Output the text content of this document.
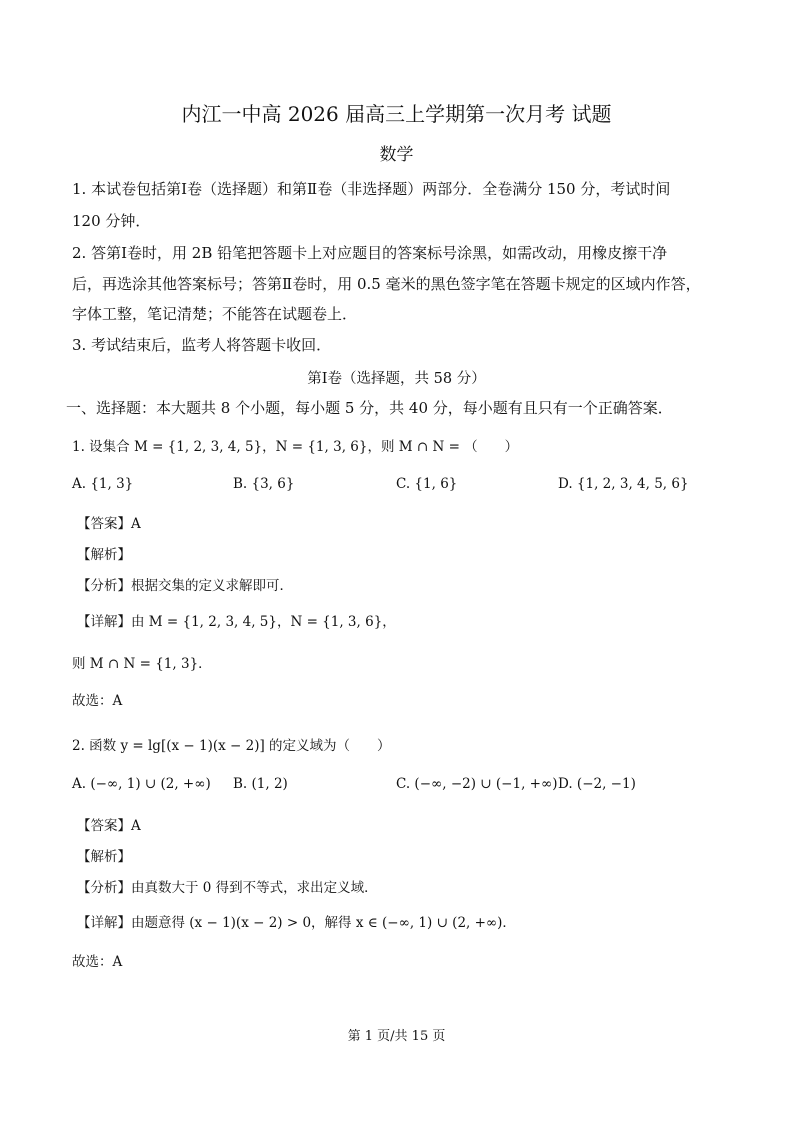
内江一中高 2026 届高三上学期第一次月考 试题
数学
1. 本试卷包括第Ⅰ卷（选择题）和第Ⅱ卷（非选择题）两部分．全卷满分 150 分，考试时间
120 分钟．
2. 答第Ⅰ卷时，用 2B 铅笔把答题卡上对应题目的答案标号涂黑，如需改动，用橡皮擦干净
后，再选涂其他答案标号；答第Ⅱ卷时，用 0.5 毫米的黑色签字笔在答题卡规定的区域内作答，
字体工整，笔记清楚；不能答在试题卷上．
3. 考试结束后，监考人将答题卡收回．
第Ⅰ卷（选择题，共 58 分）
一、选择题：本大题共 8 个小题，每小题 5 分，共 40 分，每小题有且只有一个正确答案．
1. 设集合 M = {1, 2, 3, 4, 5}，N = {1, 3, 6}，则 M ∩ N = （　　）
A. {1, 3}	B. {3, 6}	C. {1, 6}	D. {1, 2, 3, 4, 5, 6}
【答案】A
【解析】
【分析】根据交集的定义求解即可．
【详解】由 M = {1, 2, 3, 4, 5}，N = {1, 3, 6}，
则 M ∩ N = {1, 3}．
故选：A
2. 函数 y = lg[(x − 1)(x − 2)] 的定义域为（　　）
A. (−∞, 1) ∪ (2, +∞) B. (1, 2)	C. (−∞, −2) ∪ (−1, +∞) D. (−2, −1)
【答案】A
【解析】
【分析】由真数大于 0 得到不等式，求出定义域．
【详解】由题意得 (x − 1)(x − 2) > 0，解得 x ∈ (−∞, 1) ∪ (2, +∞)．
故选：A
第 1 页/共 15 页
